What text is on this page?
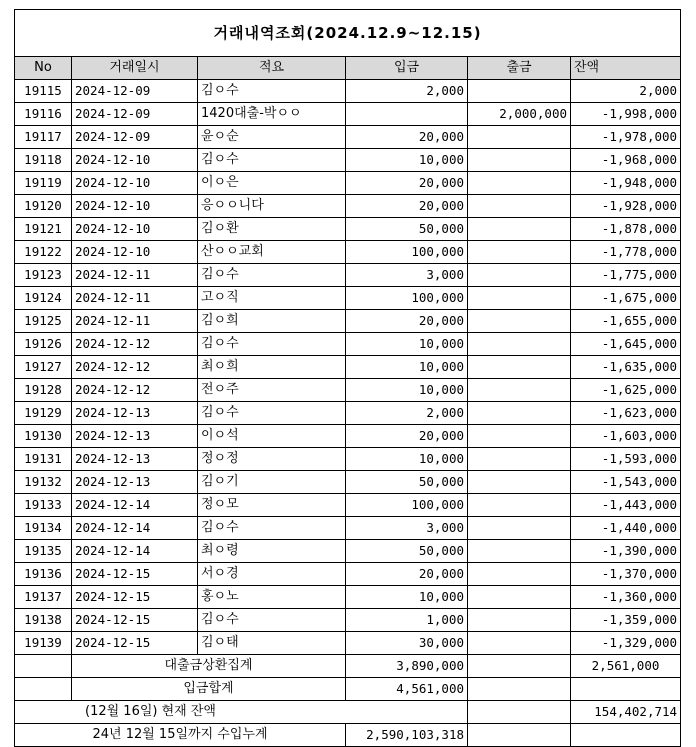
거래내역조회(2024.12.9~12.15)					
No	거래일시	적요	입금	출금	잔액
19115	2024-12-09	김ㅇ수	2,000		2,000
19116	2024-12-09	1420대출-박ㅇㅇ		2,000,000	-1,998,000
19117	2024-12-09	윤ㅇ순	20,000		-1,978,000
19118	2024-12-10	김ㅇ수	10,000		-1,968,000
19119	2024-12-10	이ㅇ은	20,000		-1,948,000
19120	2024-12-10	응ㅇㅇ니다	20,000		-1,928,000
19121	2024-12-10	김ㅇ환	50,000		-1,878,000
19122	2024-12-10	산ㅇㅇ교회	100,000		-1,778,000
19123	2024-12-11	김ㅇ수	3,000		-1,775,000
19124	2024-12-11	고ㅇ직	100,000		-1,675,000
19125	2024-12-11	김ㅇ희	20,000		-1,655,000
19126	2024-12-12	김ㅇ수	10,000		-1,645,000
19127	2024-12-12	최ㅇ희	10,000		-1,635,000
19128	2024-12-12	전ㅇ주	10,000		-1,625,000
19129	2024-12-13	김ㅇ수	2,000		-1,623,000
19130	2024-12-13	이ㅇ석	20,000		-1,603,000
19131	2024-12-13	정ㅇ정	10,000		-1,593,000
19132	2024-12-13	김ㅇ기	50,000		-1,543,000
19133	2024-12-14	정ㅇ모	100,000		-1,443,000
19134	2024-12-14	김ㅇ수	3,000		-1,440,000
19135	2024-12-14	최ㅇ령	50,000		-1,390,000
19136	2024-12-15	서ㅇ경	20,000		-1,370,000
19137	2024-12-15	홍ㅇ노	10,000		-1,360,000
19138	2024-12-15	김ㅇ수	1,000		-1,359,000
19139	2024-12-15	김ㅇ태	30,000		-1,329,000
	대출금상환집계		3,890,000		2,561,000
	입금합계		4,561,000		
(12월 16일) 현재 잔액					154,402,714
24년 12월 15일까지 수입누계			2,590,103,318		
